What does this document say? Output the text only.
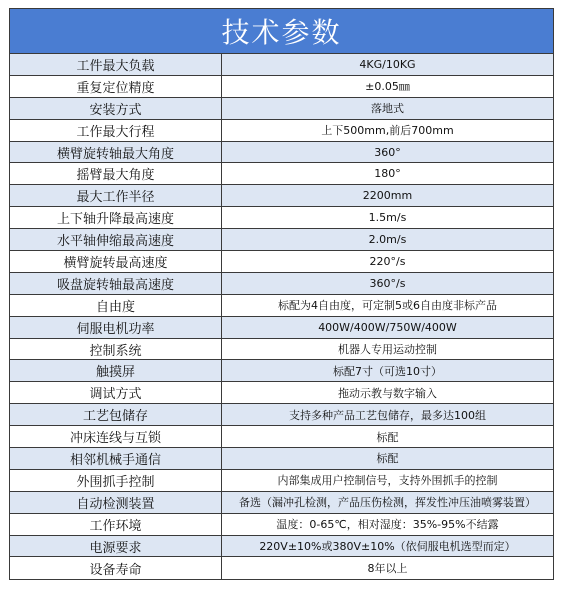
技术参数
工件最大负载	4KG/10KG
重复定位精度	±0.05㎜
安装方式	落地式
工作最大行程	上下500mm,前后700mm
横臂旋转轴最大角度	360°
摇臂最大角度	180°
最大工作半径	2200mm
上下轴升降最高速度	1.5m/s
水平轴伸缩最高速度	2.0m/s
横臂旋转最高速度	220°/s
吸盘旋转轴最高速度	360°/s
自由度	标配为4自由度，可定制5或6自由度非标产品
伺服电机功率	400W/400W/750W/400W
控制系统	机器人专用运动控制
触摸屏	标配7寸（可选10寸）
调试方式	拖动示教与数字输入
工艺包储存	支持多种产品工艺包储存，最多达100组
冲床连线与互锁	标配
相邻机械手通信	标配
外围抓手控制	内部集成用户控制信号，支持外围抓手的控制
自动检测装置	备选（漏冲孔检测，产品压伤检测，挥发性冲压油喷雾装置）
工作环境	温度：0-65℃，相对湿度：35%-95%不结露
电源要求	220V±10%或380V±10%（依伺服电机选型而定）
设备寿命	8年以上
